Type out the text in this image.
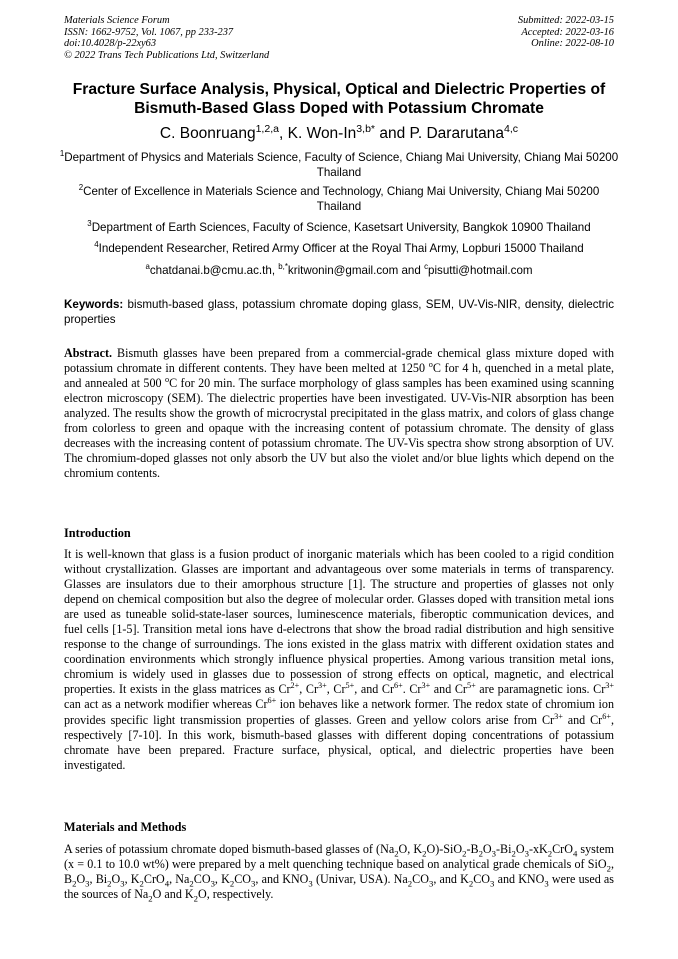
Materials Science Forum
ISSN: 1662-9752, Vol. 1067, pp 233-237
doi:10.4028/p-22xy63
© 2022 Trans Tech Publications Ltd, Switzerland
Submitted: 2022-03-15
Accepted: 2022-03-16
Online: 2022-08-10
Fracture Surface Analysis, Physical, Optical and Dielectric Properties of
Bismuth-Based Glass Doped with Potassium Chromate
C. Boonruang$^{1,2,a}$, K. Won-$In^{3,b*}$ and P. Dararutana$^{4,c}$
$^1$Department of Physics and Materials Science, Faculty of Science, Chiang Mai University, Chiang Mai 50200 Thailand
$^2$Center of Excellence in Materials Science and Technology, Chiang Mai University, Chiang Mai 50200 Thailand
$^3$Department of Earth Sciences, Faculty of Science, Kasetsart University, Bangkok 10900 Thailand
$^4$Independent Researcher, Retired Army Officer at the Royal Thai Army, Lopburi 15000 Thailand
$^a$chatdanai.b@cmu.ac.th, $^{b,*}$kritwonin@gmail.com and $^c$pisutti@hotmail.com
Keywords: bismuth-based glass, potassium chromate doping glass, SEM, UV-Vis-NIR, density, dielectric properties

Abstract. Bismuth glasses have been prepared from a commercial-grade chemical glass mixture doped with potassium chromate in different contents. They have been melted at 1250 $^o$C for 4 h, quenched in a metal plate, and annealed at 500 $^o$C for 20 min. The surface morphology of glass samples has been examined using scanning electron microscopy (SEM). The dielectric properties have been investigated. UV-Vis-NIR absorption has been analyzed. The results show the growth of microcrystal precipitated in the glass matrix, and colors of glass change from colorless to green and opaque with the increasing content of potassium chromate. The density of glass decreases with the increasing content of potassium chromate. The UV-Vis spectra show strong absorption of UV. The chromium-doped glasses not only absorb the UV but also the violet and/or blue lights which depend on the chromium contents.

Introduction

It is well-known that glass is a fusion product of inorganic materials which has been cooled to a rigid condition without crystallization. Glasses are important and advantageous over some materials in terms of transparency. Glasses are insulators due to their amorphous structure [1]. The structure and properties of glasses not only depend on chemical composition but also the degree of molecular order. Glasses doped with transition metal ions are used as tuneable solid-state-laser sources, luminescence materials, fiberoptic communication devices, and fuel cells [1-5]. Transition metal ions have d-electrons that show the broad radial distribution and high sensitive response to the change of surroundings. The ions existed in the glass matrix with different oxidation states and coordination environments which strongly influence physical properties. Among various transition metal ions, chromium is widely used in glasses due to possession of strong effects on optical, magnetic, and electrical properties. It exists in the glass matrices as $Cr^{2+}$, $Cr^{3+}$, $Cr^{5+}$, and $Cr^{6+}$. $Cr^{3+}$ and $Cr^{5+}$ are paramagnetic ions. $Cr^{3+}$ can act as a network modifier whereas $Cr^{6+}$ ion behaves like a network former. The redox state of chromium ion provides specific light transmission properties of glasses. Green and yellow colors arise from $Cr^{3+}$ and $Cr^{6+}$, respectively [7-10]. In this work, bismuth-based glasses with different doping concentrations of potassium chromate have been prepared. Fracture surface, physical, optical, and dielectric properties have been investigated.

Materials and Methods

A series of potassium chromate doped bismuth-based glasses of ($Na_2O$, $K_2O)-SiO_2-B_2O_3-Bi_2O_3-xK_2CrO_4$ system (x = 0.1 to 10.0 wt%) were prepared by a melt quenching technique based on analytical grade chemicals of SiO$_2$, $B_2O_3$, $Bi_2O_3$, $K_2CrO_4$, $Na_2CO_3$, $K_2CO_3$, and $KNO_3$ (Univar, USA). $Na_2CO_3$, and $K_2CO_3$ and $KNO_3$ were used as the sources of $Na_2O$ and $K_2O$, respectively.
